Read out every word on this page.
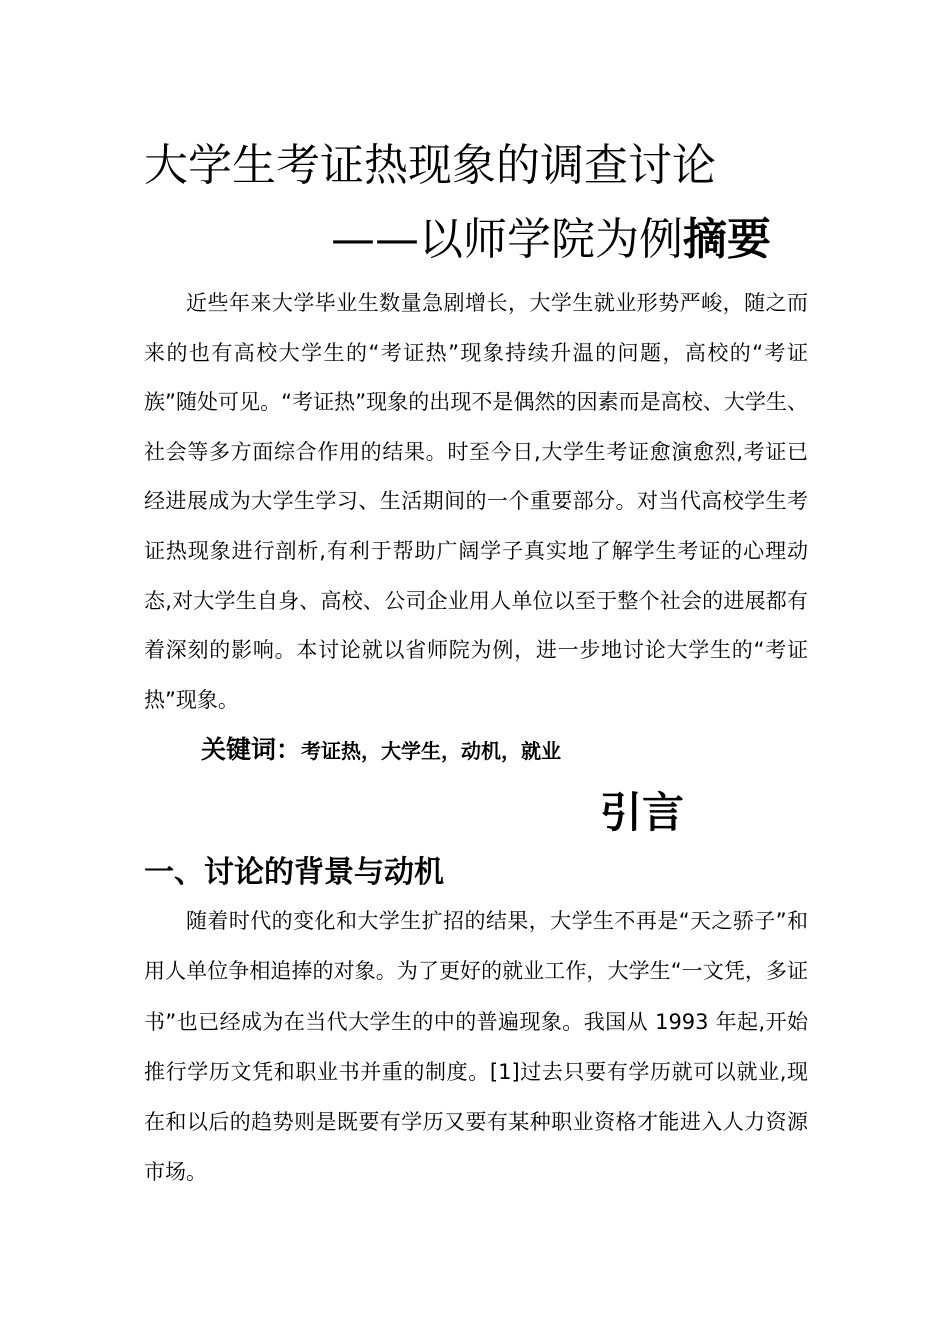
大学生考证热现象的调查讨论
——以师学院为例摘要

近些年来大学毕业生数量急剧增长，大学生就业形势严峻，随之而来的也有高校大学生的“考证热”现象持续升温的问题，高校的“考证族”随处可见。“考证热”现象的出现不是偶然的因素而是高校、大学生、社会等多方面综合作用的结果。时至今日,大学生考证愈演愈烈,考证已经进展成为大学生学习、生活期间的一个重要部分。对当代高校学生考证热现象进行剖析,有利于帮助广阔学子真实地了解学生考证的心理动态,对大学生自身、高校、公司企业用人单位以至于整个社会的进展都有着深刻的影响。本讨论就以省师院为例，进一步地讨论大学生的“考证热”现象。

关键词：考证热，大学生，动机，就业
引言
一、讨论的背景与动机

随着时代的变化和大学生扩招的结果，大学生不再是“天之骄子”和用人单位争相追捧的对象。为了更好的就业工作，大学生“一文凭，多证书”也已经成为在当代大学生的中的普遍现象。我国从 1993 年起,开始推行学历文凭和职业书并重的制度。[1]过去只要有学历就可以就业,现在和以后的趋势则是既要有学历又要有某种职业资格才能进入人力资源市场。
